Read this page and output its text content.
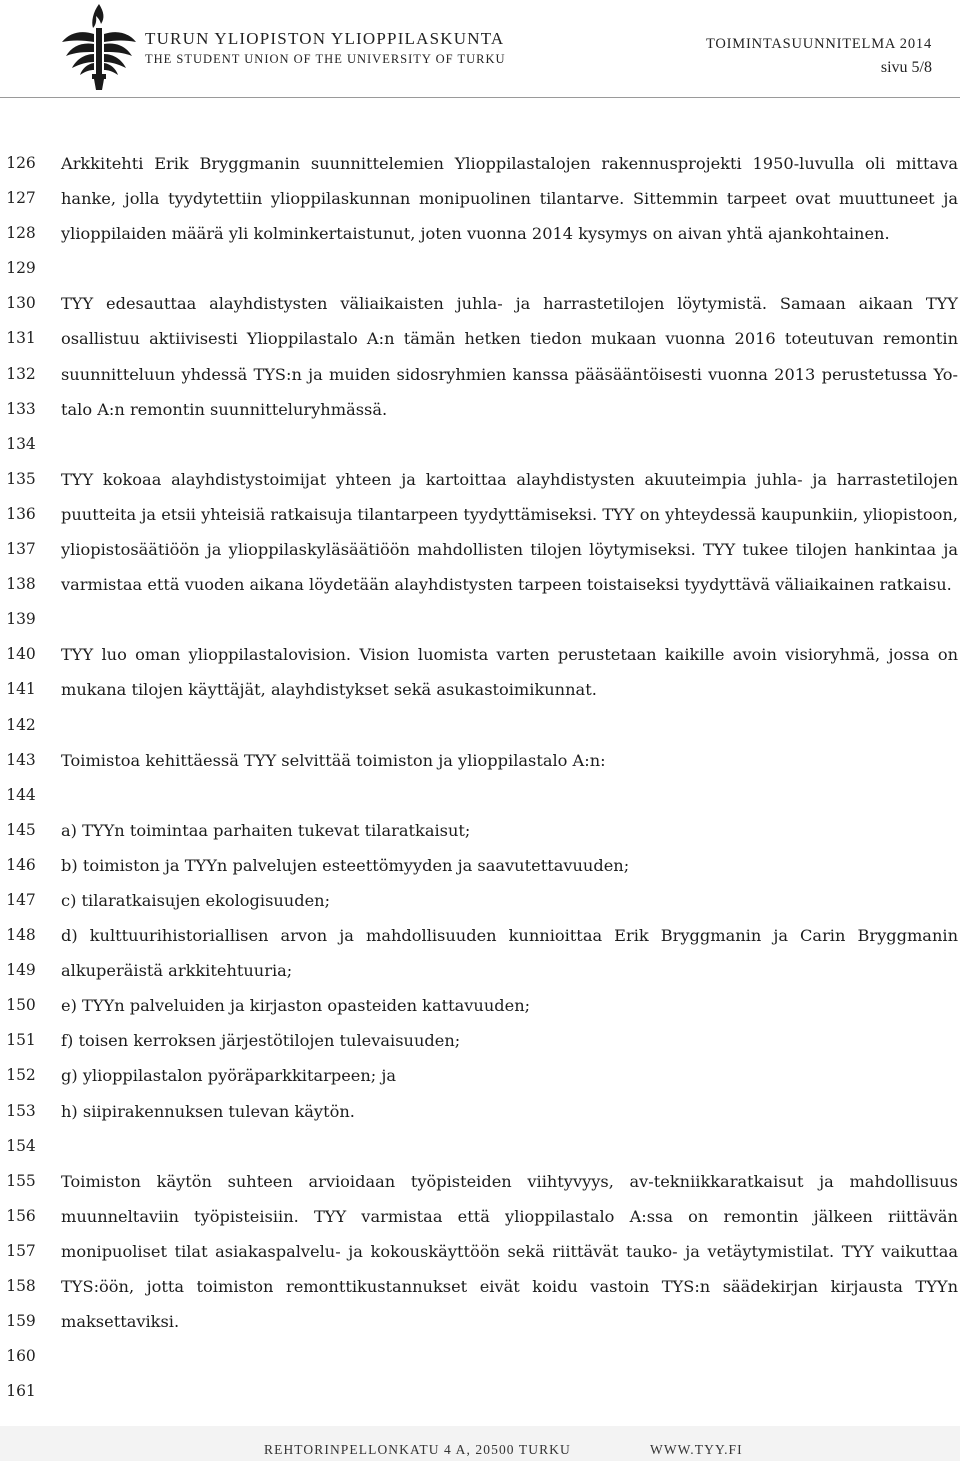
TURUN YLIOPISTON YLIOPPILASKUNTA
THE STUDENT UNION OF THE UNIVERSITY OF TURKU
TOIMINTASUUNNITELMA 2014
sivu 5/8
126
127
128
129
130
131
132
133
134
135
136
137
138
139
140
141
142
143
144
145
146
147
148
149
150
151
152
153
154
155
156
157
158
159
160
161

Arkkitehti Erik Bryggmanin suunnittelemien Ylioppilastalojen rakennusprojekti 1950-luvulla oli mittava hanke, jolla tyydytettiin ylioppilaskunnan monipuolinen tilantarve. Sittemmin tarpeet ovat muuttuneet ja ylioppilaiden määrä yli kolminkertaistunut, joten vuonna 2014 kysymys on aivan yhtä ajankohtainen.

TYY edesauttaa alayhdistysten väliaikaisten juhla- ja harrastetilojen löytymistä. Samaan aikaan TYY osallistuu aktiivisesti Ylioppilastalo A:n tämän hetken tiedon mukaan vuonna 2016 toteutuvan remontin suunnitteluun yhdessä TYS:n ja muiden sidosryhmien kanssa pääsääntöisesti vuonna 2013 perustetussa Yo-talo A:n remontin suunnitteluryhmässä.

TYY kokoaa alayhdistystoimijat yhteen ja kartoittaa alayhdistysten akuuteimpia juhla- ja harrastetilojen puutteita ja etsii yhteisiä ratkaisuja tilantarpeen tyydyttämiseksi. TYY on yhteydessä kaupunkiin, yliopistoon, yliopistosäätiöön ja ylioppilaskyläsäätiöön mahdollisten tilojen löytymiseksi. TYY tukee tilojen hankintaa ja varmistaa että vuoden aikana löydetään alayhdistysten tarpeen toistaiseksi tyydyttävä väliaikainen ratkaisu.

TYY luo oman ylioppilastalovision. Vision luomista varten perustetaan kaikille avoin visioryhmä, jossa on mukana tilojen käyttäjät, alayhdistykset sekä asukastoimikunnat.

Toimistoa kehittäessä TYY selvittää toimiston ja ylioppilastalo A:n:

a) TYYn toimintaa parhaiten tukevat tilaratkaisut;

b) toimiston ja TYYn palvelujen esteettömyyden ja saavutettavuuden;

c) tilaratkaisujen ekologisuuden;

d) kulttuurihistoriallisen arvon ja mahdollisuuden kunnioittaa Erik Bryggmanin ja Carin Bryggmanin alkuperäistä arkkitehtuuria;

e) TYYn palveluiden ja kirjaston opasteiden kattavuuden;

f) toisen kerroksen järjestötilojen tulevaisuuden;

g) ylioppilastalon pyöräparkkitarpeen; ja

h) siipirakennuksen tulevan käytön.

Toimiston käytön suhteen arvioidaan työpisteiden viihtyvyys, av-tekniikkaratkaisut ja mahdollisuus muunneltaviin työpisteisiin. TYY varmistaa että ylioppilastalo A:ssa on remontin jälkeen riittävän monipuoliset tilat asiakaspalvelu- ja kokouskäyttöön sekä riittävät tauko- ja vetäytymistilat. TYY vaikuttaa TYS:öön, jotta toimiston remonttikustannukset eivät koidu vastoin TYS:n säädekirjan kirjausta TYYn maksettaviksi.

REHTORINPELLONKATU 4 A, 20500 TURKU	WWW.TYY.FI
